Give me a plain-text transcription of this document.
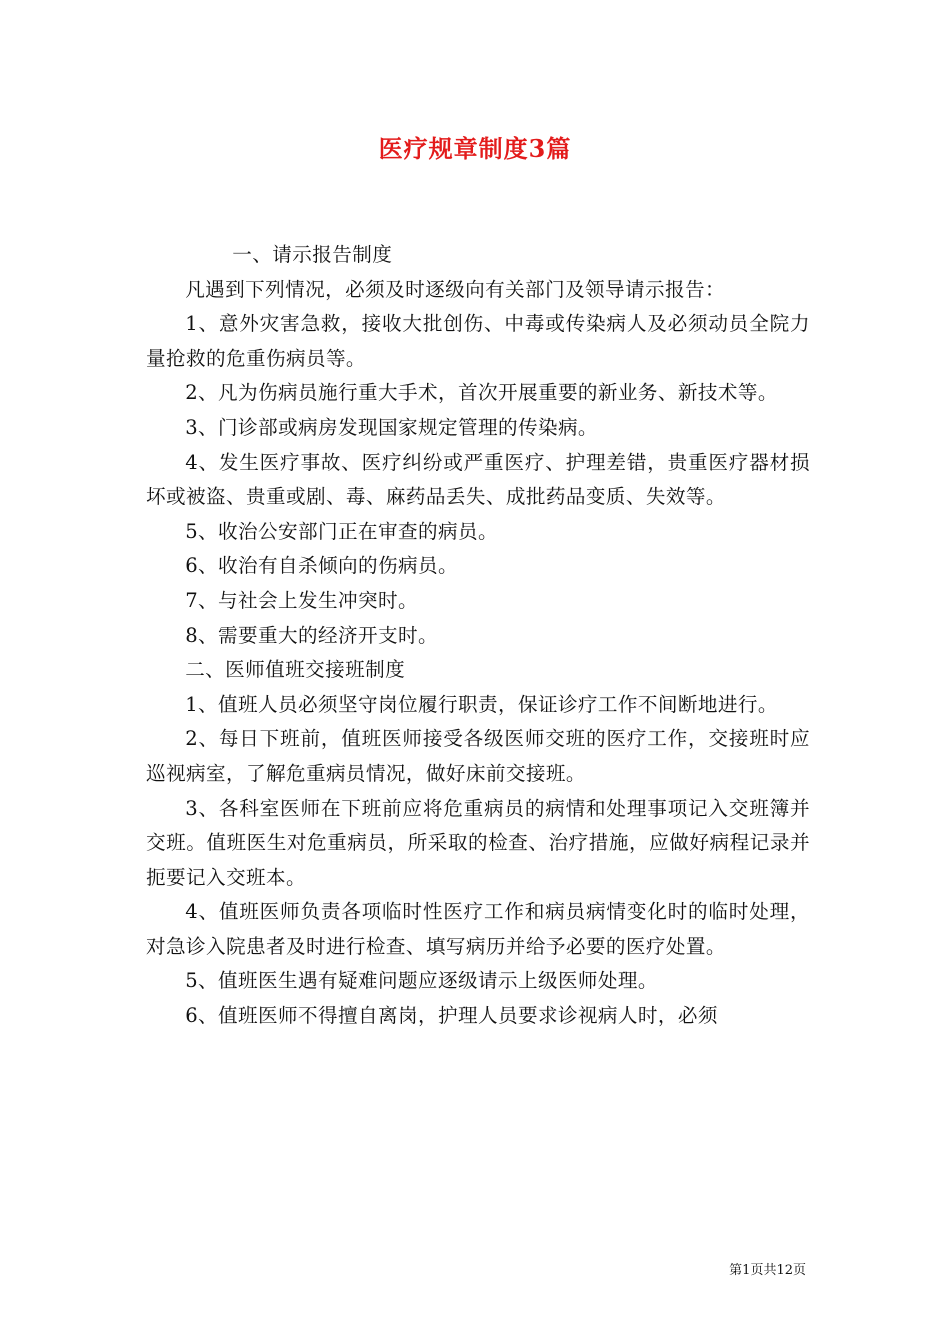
医疗规章制度3篇

一、请示报告制度

凡遇到下列情况，必须及时逐级向有关部门及领导请示报告：

1、意外灾害急救，接收大批创伤、中毒或传染病人及必须动员全院力量抢救的危重伤病员等。

2、凡为伤病员施行重大手术，首次开展重要的新业务、新技术等。

3、门诊部或病房发现国家规定管理的传染病。

4、发生医疗事故、医疗纠纷或严重医疗、护理差错，贵重医疗器材损坏或被盗、贵重或剧、毒、麻药品丢失、成批药品变质、失效等。

5、收治公安部门正在审查的病员。

6、收治有自杀倾向的伤病员。

7、与社会上发生冲突时。

8、需要重大的经济开支时。

二、医师值班交接班制度

1、值班人员必须坚守岗位履行职责，保证诊疗工作不间断地进行。

2、每日下班前，值班医师接受各级医师交班的医疗工作，交接班时应巡视病室，了解危重病员情况，做好床前交接班。

3、各科室医师在下班前应将危重病员的病情和处理事项记入交班簿并交班。值班医生对危重病员，所采取的检查、治疗措施，应做好病程记录并扼要记入交班本。

4、值班医师负责各项临时性医疗工作和病员病情变化时的临时处理，对急诊入院患者及时进行检查、填写病历并给予必要的医疗处置。

5、值班医生遇有疑难问题应逐级请示上级医师处理。

6、值班医师不得擅自离岗，护理人员要求诊视病人时，必须

第1页共12页
